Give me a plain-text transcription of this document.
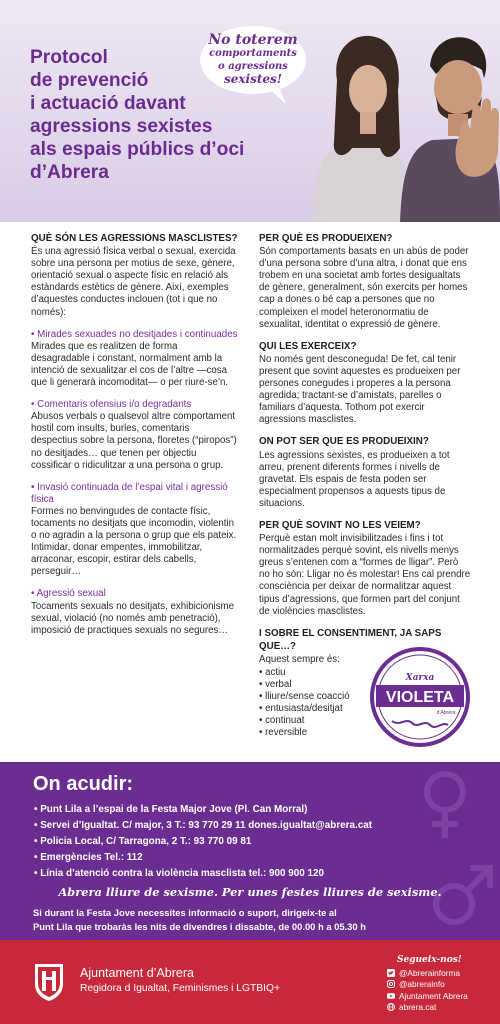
Protocol
de prevenció
i actuació davant
agressions sexistes
als espais públics d’oci
d’Abrera
No toterem
comportaments
o agressions
sexistes!
QUÈ SÓN LES AGRESSIONS MASCLISTES?
És una agressió física verbal o sexual, exercida sobre una persona per motius de sexe, gènere, orientació sexual o aspecte físic en relació als estàndards estètics de gènere. Així, exemples d’aquestes conductes inclouen (tot i que no només):
• Mirades sexuades no desitjades i continuades
Mirades que es realitzen de forma desagradable i constant, normalment amb la intenció de sexualitzar el cos de l’altre —cosa que li generarà incomoditat— o per riure-se’n.
• Comentaris ofensius i/o degradants
Abusos verbals o qualsevol altre comportament hostil com insults, burles, comentaris despectius sobre la persona, floretes (“piropos”) no desitjades… que tenen per objectiu cossificar o ridiculitzar a una persona o grup.
• Invasió continuada de l’espai vital i agressió física
Formes no benvingudes de contacte físic, tocaments no desitjats que incomodin, violentin o no agradin a la persona o grup que els pateix. Intimidar, donar empentes, immobilitzar, arraconar, escopir, estirar dels cabells, perseguir…
• Agressió sexual
Tocaments sexuals no desitjats, exhibicionisme sexual, violació (no només amb penetració), imposició de practiques sexuals no segures…
PER QUÈ ES PRODUEIXEN?
Són comportaments basats en un abús de poder d’una persona sobre d’una altra, i donat que ens trobem en una societat amb fortes desigualtats de gènere, generalment, són exercits per homes cap a dones o bé cap a persones que no compleixen el model heteronormatiu de sexualitat, identitat o expressió de gènere.
QUI LES EXERCEIX?
No només gent desconeguda! De fet, cal tenir present que sovint aquestes es produeixen per persones conegudes i properes a la persona agredida; tractant-se d’amistats, parelles o familiars d’aquesta. Tothom pot exercir agressions masclistes.
ON POT SER QUE ES PRODUEIXIN?
Les agressions sexistes, es produeixen a tot arreu, prenent diferents formes i nivells de gravetat. Els espais de festa poden ser especialment propensos a aquests tipus de situacions.
PER QUÈ SOVINT NO LES VEIEM?
Perquè estan molt invisibilitzades i fins i tot normalitzades perquè sovint, els nivells menys greus s’entenen com a “formes de lligar”. Però no ho són: Lligar no és molestar! Ens cal prendre consciència per deixar de normalitzar aquest tipus d’agressions, que formen part del conjunt de violències masclistes.
I SOBRE EL CONSENTIMENT, JA SAPS
QUE…?
Aquest sempre és:
• actiu
• verbal
• lliure/sense coacció
• entusiasta/desitjat
• continuat
• reversible
Xarxa
VIOLETA
d’Abrera
On acudir:
• Punt Lila a l’espai de la Festa Major Jove (Pl. Can Morral)
• Servei d’Igualtat. C/ major, 3 T.: 93 770 29 11 dones.igualtat@abrera.cat
• Policia Local, C/ Tarragona, 2 T.: 93 770 09 81
• Emergències Tel.: 112
• Línia d’atenció contra la violència masclista tel.: 900 900 120
Abrera lliure de sexisme. Per unes festes lliures de sexisme.
Si durant la Festa Jove necessites informació o suport, dirigeix-te al
Punt Lila que trobaràs les nits de divendres i dissabte, de 00.00 h a 05.30 h
Ajuntament d’Abrera
Regidora d Igualtat, Feminismes i LGTBIQ+
Segueix-nos!
@Abrerainforma
@abrerainfo
Ajuntament Abrera
abrera.cat
